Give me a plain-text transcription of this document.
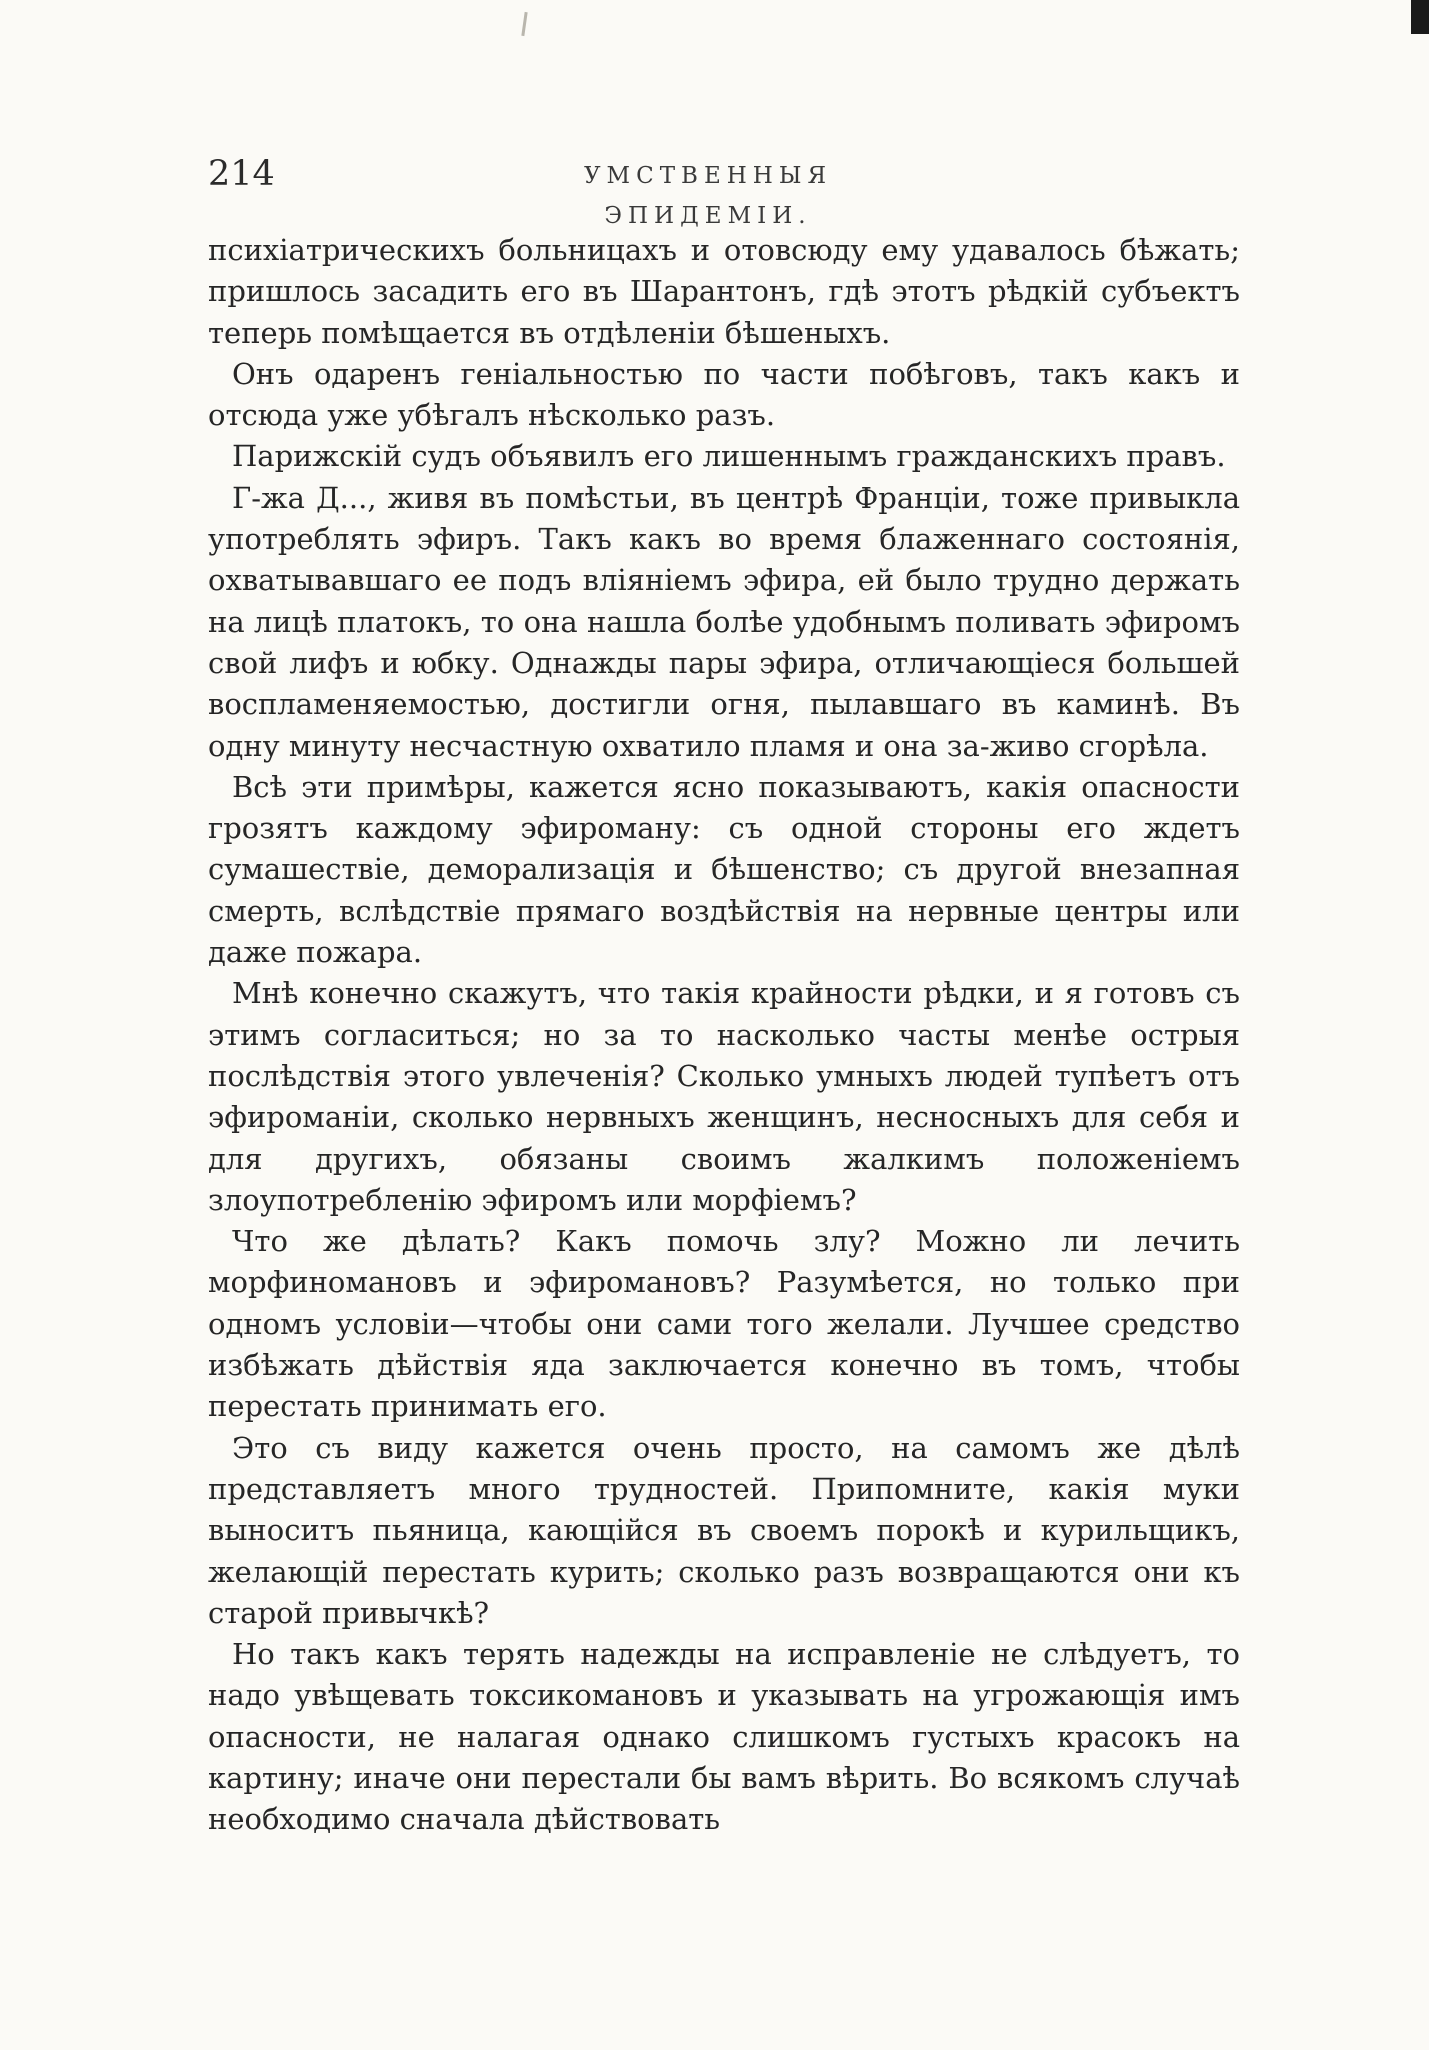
214	УМСТВЕННЫЯ ЭПИДЕМІИ.

психіатрическихъ больницахъ и отовсюду ему удавалось бѣжать; пришлось засадить его въ Шарантонъ, гдѣ этотъ рѣдкій субъектъ теперь помѣщается въ отдѣленіи бѣшеныхъ.

Онъ одаренъ геніальностью по части побѣговъ, такъ какъ и отсюда уже убѣгалъ нѣсколько разъ.

Парижскій судъ объявилъ его лишеннымъ гражданскихъ правъ.

Г-жа Д..., живя въ помѣстьи, въ центрѣ Франціи, тоже привыкла употреблять эфиръ. Такъ какъ во время блаженнаго состоянія, охватывавшаго ее подъ вліяніемъ эфира, ей было трудно держать на лицѣ платокъ, то она нашла болѣе удобнымъ поливать эфиромъ свой лифъ и юбку. Однажды пары эфира, отличающіеся большей воспламеняемостью, достигли огня, пылавшаго въ каминѣ. Въ одну минуту несчастную охватило пламя и она за-живо сгорѣла.

Всѣ эти примѣры, кажется ясно показываютъ, какія опасности грозятъ каждому эфироману: съ одной стороны его ждетъ сумашествіе, деморализація и бѣшенство; съ другой внезапная смерть, вслѣдствіе прямаго воздѣйствія на нервные центры или даже пожара.

Мнѣ конечно скажутъ, что такія крайности рѣдки, и я готовъ съ этимъ согласиться; но за то насколько часты менѣе острыя послѣдствія этого увлеченія? Сколько умныхъ людей тупѣетъ отъ эфироманіи, сколько нервныхъ женщинъ, несносныхъ для себя и для другихъ, обязаны своимъ жалкимъ положеніемъ злоупотребленію эфиромъ или морфіемъ?

Что же дѣлать? Какъ помочь злу? Можно ли лечить морфиномановъ и эфиромановъ? Разумѣется, но только при одномъ условіи—чтобы они сами того желали. Лучшее средство избѣжать дѣйствія яда заключается конечно въ томъ, чтобы перестать принимать его.

Это съ виду кажется очень просто, на самомъ же дѣлѣ представляетъ много трудностей. Припомните, какія муки выноситъ пьяница, кающійся въ своемъ порокѣ и курильщикъ, желающій перестать курить; сколько разъ возвращаются они къ старой привычкѣ?

Но такъ какъ терять надежды на исправленіе не слѣдуетъ, то надо увѣщевать токсикомановъ и указывать на угрожающія имъ опасности, не налагая однако слишкомъ густыхъ красокъ на картину; иначе они перестали бы вамъ вѣрить. Во всякомъ случаѣ необходимо сначала дѣйствовать
